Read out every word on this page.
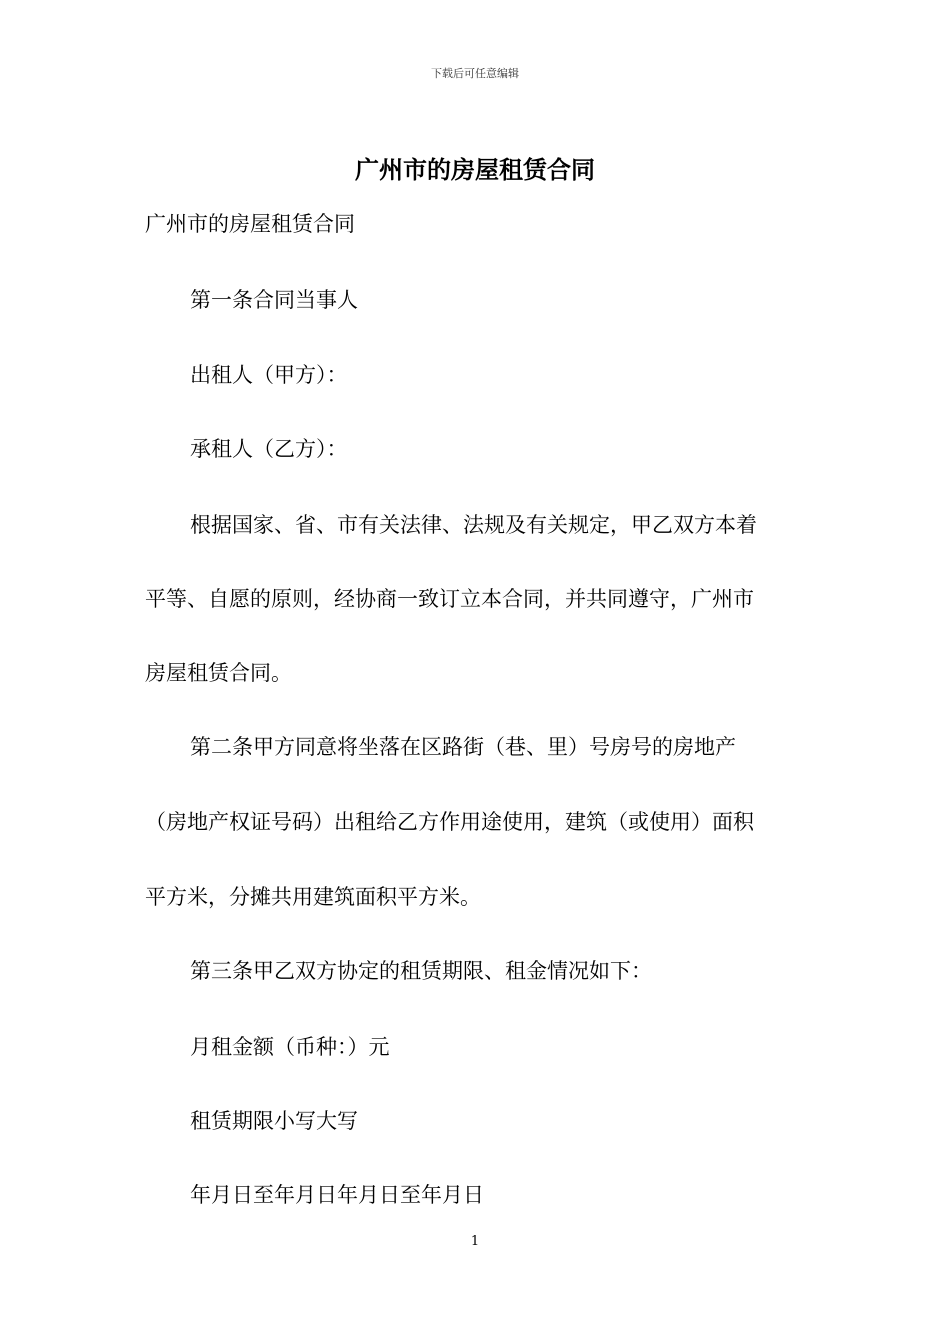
下载后可任意编辑
广州市的房屋租赁合同
广州市的房屋租赁合同
第一条合同当事人
出租人（甲方）：
承租人（乙方）：
根据国家、省、市有关法律、法规及有关规定，甲乙双方本着
平等、自愿的原则，经协商一致订立本合同，并共同遵守，广州市
房屋租赁合同。
第二条甲方同意将坐落在区路街（巷、里）号房号的房地产
（房地产权证号码）出租给乙方作用途使用，建筑（或使用）面积
平方米，分摊共用建筑面积平方米。
第三条甲乙双方协定的租赁期限、租金情况如下：
月租金额（币种：）元
租赁期限小写大写
年月日至年月日年月日至年月日
1
